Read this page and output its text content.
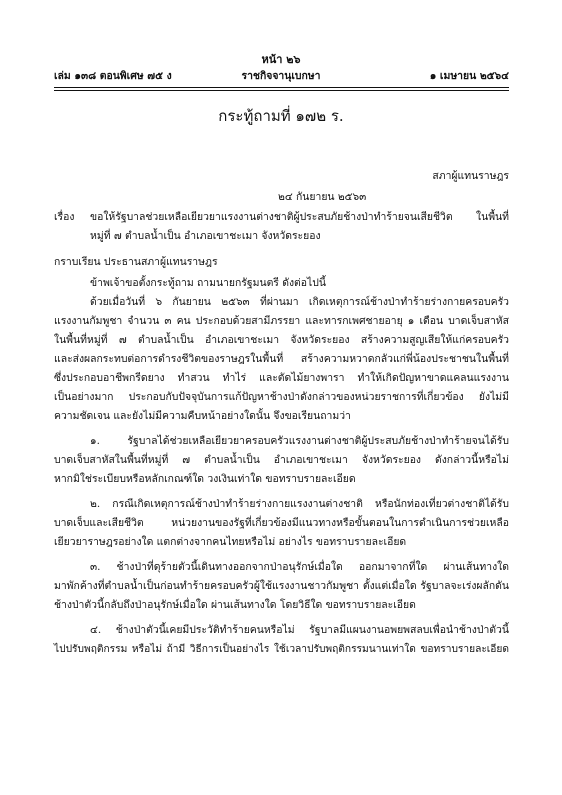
หน้า ๒๖
เล่ม ๑๓๘ ตอนพิเศษ ๗๕ ง	ราชกิจจานุเบกษา	๑ เมษายน ๒๕๖๔
กระทู้ถามที่ ๑๗๒ ร.
สภาผู้แทนราษฎร
๒๔ กันยายน ๒๕๖๓
เรื่อง ขอให้รัฐบาลช่วยเหลือเยียวยาแรงงานต่างชาติผู้ประสบภัยช้างป่าทำร้ายจนเสียชีวิต ในพื้นที่
หมู่ที่ ๗ ตำบลน้ำเป็น อำเภอเขาชะเมา จังหวัดระยอง
กราบเรียน ประธานสภาผู้แทนราษฎร
ข้าพเจ้าขอตั้งกระทู้ถาม ถามนายกรัฐมนตรี ดังต่อไปนี้
ด้วยเมื่อวันที่ ๖ กันยายน ๒๕๖๓ ที่ผ่านมา เกิดเหตุการณ์ช้างป่าทำร้ายร่างกายครอบครัว
แรงงานกัมพูชา จำนวน ๓ คน ประกอบด้วยสามีภรรยา และทารกเพศชายอายุ ๑ เดือน บาดเจ็บสาหัส
ในพื้นที่หมู่ที่ ๗ ตำบลน้ำเป็น อำเภอเขาชะเมา จังหวัดระยอง สร้างความสูญเสียให้แก่ครอบครัว
และส่งผลกระทบต่อการดำรงชีวิตของราษฎรในพื้นที่ สร้างความหวาดกลัวแก่พี่น้องประชาชนในพื้นที่
ซึ่งประกอบอาชีพกรีดยาง ทำสวน ทำไร่ และตัดไม้ยางพารา ทำให้เกิดปัญหาขาดแคลนแรงงาน
เป็นอย่างมาก ประกอบกับปัจจุบันการแก้ปัญหาช้างป่าดังกล่าวของหน่วยราชการที่เกี่ยวข้อง ยังไม่มี
ความชัดเจน และยังไม่มีความคืบหน้าอย่างใดนั้น จึงขอเรียนถามว่า
๑. รัฐบาลได้ช่วยเหลือเยียวยาครอบครัวแรงงานต่างชาติผู้ประสบภัยช้างป่าทำร้ายจนได้รับ
บาดเจ็บสาหัสในพื้นที่หมู่ที่ ๗ ตำบลน้ำเป็น อำเภอเขาชะเมา จังหวัดระยอง ดังกล่าวนี้หรือไม่
หากมิใช่ระเบียบหรือหลักเกณฑ์ใด วงเงินเท่าใด ขอทราบรายละเอียด
๒. กรณีเกิดเหตุการณ์ช้างป่าทำร้ายร่างกายแรงงานต่างชาติ หรือนักท่องเที่ยวต่างชาติได้รับ
บาดเจ็บและเสียชีวิต หน่วยงานของรัฐที่เกี่ยวข้องมีแนวทางหรือขั้นตอนในการดำเนินการช่วยเหลือ
เยียวยาราษฎรอย่างใด แตกต่างจากคนไทยหรือไม่ อย่างไร ขอทราบรายละเอียด
๓. ช้างป่าที่ดุร้ายตัวนี้เดินทางออกจากป่าอนุรักษ์เมื่อใด ออกมาจากที่ใด ผ่านเส้นทางใด
มาพักค้างที่ตำบลน้ำเป็นก่อนทำร้ายครอบครัวผู้ใช้แรงงานชาวกัมพูชา ตั้งแต่เมื่อใด รัฐบาลจะเร่งผลักดัน
ช้างป่าตัวนี้กลับถึงป่าอนุรักษ์เมื่อใด ผ่านเส้นทางใด โดยวิธีใด ขอทราบรายละเอียด
๔. ช้างป่าตัวนี้เคยมีประวัติทำร้ายคนหรือไม่ รัฐบาลมีแผนงานอพยพสลบเพื่อนำช้างป่าตัวนี้
ไปปรับพฤติกรรม หรือไม่ ถ้ามี วิธีการเป็นอย่างไร ใช้เวลาปรับพฤติกรรมนานเท่าใด ขอทราบรายละเอียด
